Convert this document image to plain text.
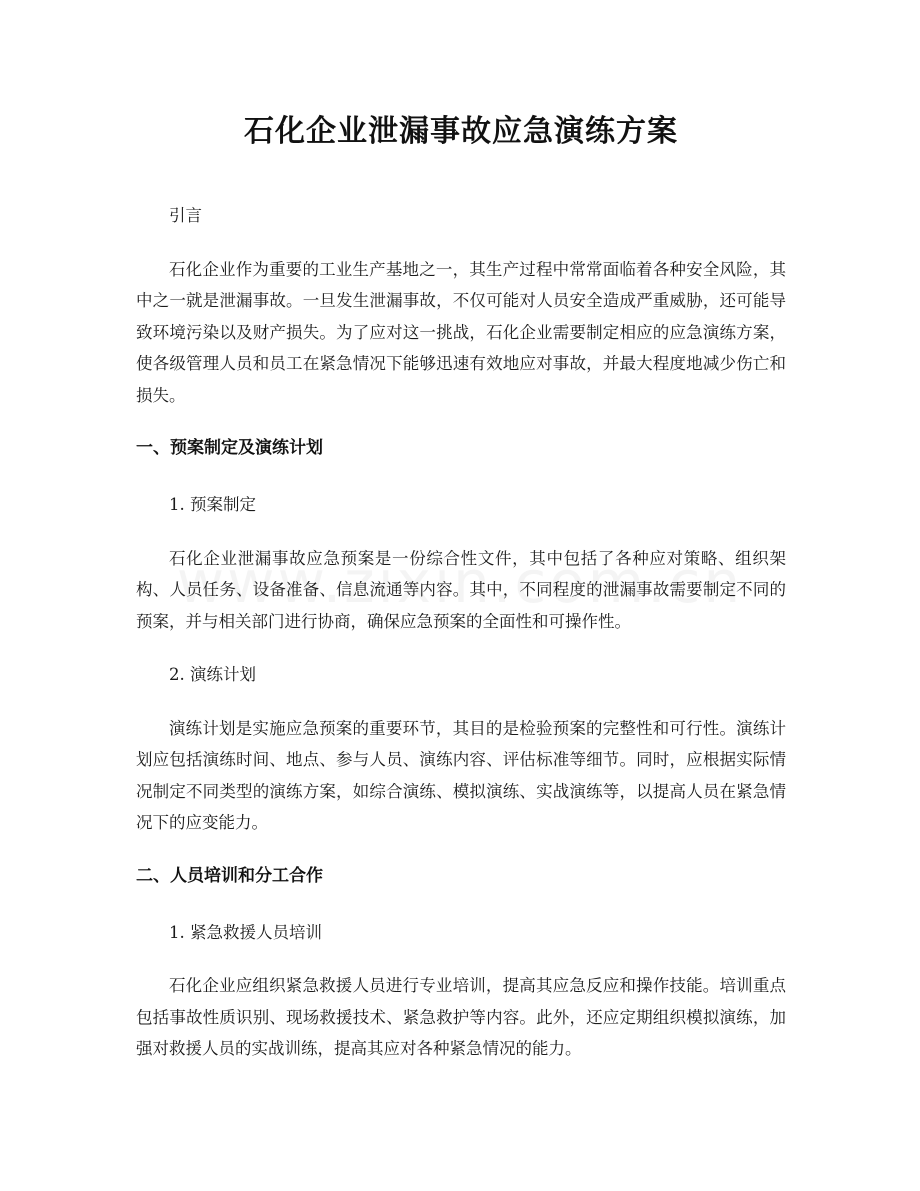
石化企业泄漏事故应急演练方案

引言

石化企业作为重要的工业生产基地之一，其生产过程中常常面临着各种安全风险，其中之一就是泄漏事故。一旦发生泄漏事故，不仅可能对人员安全造成严重威胁，还可能导致环境污染以及财产损失。为了应对这一挑战，石化企业需要制定相应的应急演练方案，使各级管理人员和员工在紧急情况下能够迅速有效地应对事故，并最大程度地减少伤亡和损失。

一、预案制定及演练计划

1. 预案制定

石化企业泄漏事故应急预案是一份综合性文件，其中包括了各种应对策略、组织架构、人员任务、设备准备、信息流通等内容。其中，不同程度的泄漏事故需要制定不同的预案，并与相关部门进行协商，确保应急预案的全面性和可操作性。

2. 演练计划

演练计划是实施应急预案的重要环节，其目的是检验预案的完整性和可行性。演练计划应包括演练时间、地点、参与人员、演练内容、评估标准等细节。同时，应根据实际情况制定不同类型的演练方案，如综合演练、模拟演练、实战演练等，以提高人员在紧急情况下的应变能力。

二、人员培训和分工合作

1. 紧急救援人员培训

石化企业应组织紧急救援人员进行专业培训，提高其应急反应和操作技能。培训重点包括事故性质识别、现场救援技术、紧急救护等内容。此外，还应定期组织模拟演练，加强对救援人员的实战训练，提高其应对各种紧急情况的能力。
